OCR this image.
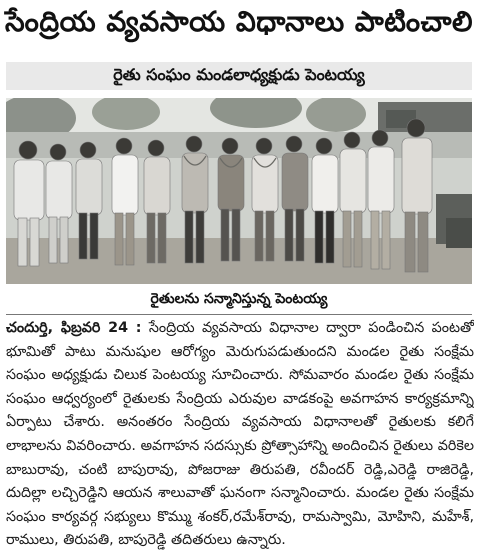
సేంద్రియ వ్యవసాయ విధానాలు పాటించాలి
రైతు సంఘం మండలాధ్యక్షుడు పెంటయ్య
రైతులను సన్మానిస్తున్న పెంటయ్య
చందుర్తి, ఫిబ్రవరి 24 : సేంద్రియ వ్యవసాయ విధానాల ద్వారా పండించిన పంటతో భూమితో పాటు మనుషుల ఆరోగ్యం మెరుగుపడుతుందని మండల రైతు సంక్షేమ సంఘం అధ్యక్షుడు చిలుక పెంటయ్య సూచించారు. సోమవారం మండల రైతు సంక్షేమ సంఘం ఆధ్వర్యంలో రైతులకు సేంద్రియ ఎరువుల వాడకంపై అవగాహన కార్యక్రమాన్ని ఏర్పాటు చేశారు. అనంతరం సేంద్రియ వ్యవసాయ విధానాలతో రైతులకు కలిగే లాభాలను వివరించారు. అవగాహన సదస్సుకు ప్రోత్సాహాన్ని అందించిన రైతులు వరికెల బాబురావు, చంటి బాపురావు, పోజరాజు తిరుపతి, రవీందర్ రెడ్డి,ఎరెడ్డి రాజిరెడ్డి, దుదిల్లా లచ్చిరెడ్డిని ఆయన శాలువాతో ఘనంగా సన్మానించారు. మండల రైతు సంక్షేమ సంఘం కార్యవర్గ సభ్యులు కొమ్ము శంకర్,రమేశ్‌రావు, రామస్వామి, మోహిని, మహేశ్, రాములు, తిరుపతి, బాపురెడ్డి తదితరులు ఉన్నారు.
